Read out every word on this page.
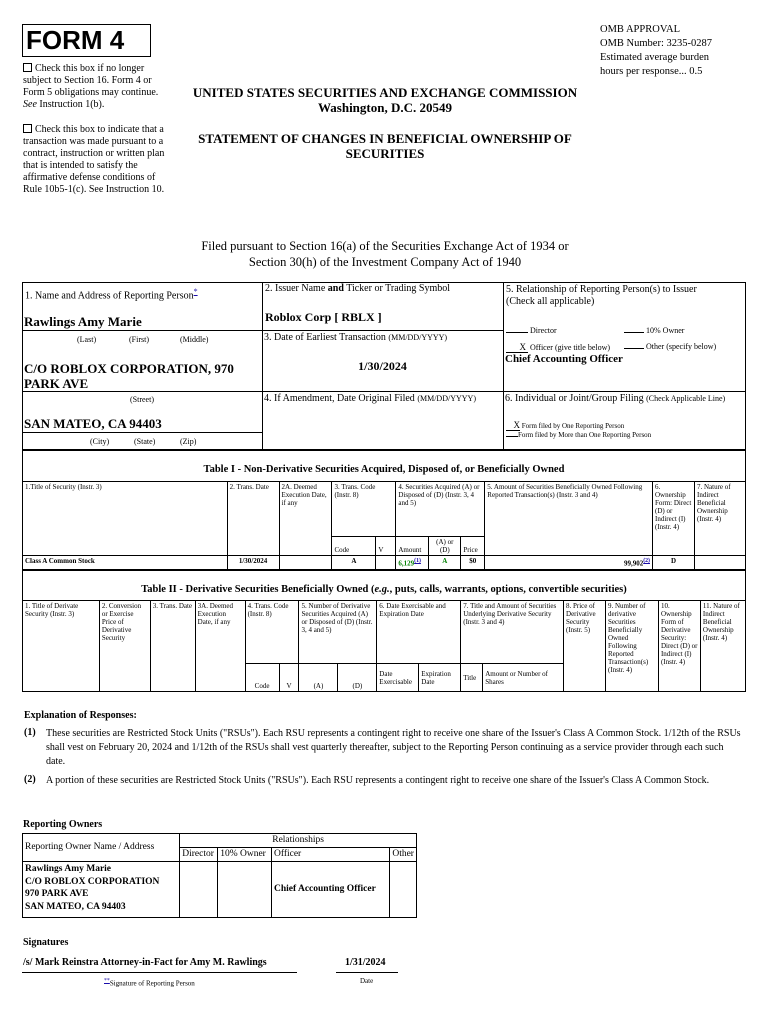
FORM 4
Check this box if no longer subject to Section 16. Form 4 or Form 5 obligations may continue. See Instruction 1(b).
Check this box to indicate that a transaction was made pursuant to a contract, instruction or written plan that is intended to satisfy the affirmative defense conditions of Rule 10b5-1(c). See Instruction 10.
UNITED STATES SECURITIES AND EXCHANGE COMMISSION
Washington, D.C. 20549
STATEMENT OF CHANGES IN BENEFICIAL OWNERSHIP OF SECURITIES
OMB APPROVAL
OMB Number: 3235-0287
Estimated average burden
hours per response... 0.5
Filed pursuant to Section 16(a) of the Securities Exchange Act of 1934 or
Section 30(h) of the Investment Company Act of 1940
1. Name and Address of Reporting Person*
Rawlings Amy Marie
(Last)	(First)	(Middle)
C/O ROBLOX CORPORATION, 970
PARK AVE
(Street)
SAN MATEO, CA 94403
(City)	(State)	(Zip)
2. Issuer Name and Ticker or Trading Symbol
Roblox Corp [ RBLX ]
3. Date of Earliest Transaction (MM/DD/YYYY)
1/30/2024
4. If Amendment, Date Original Filed (MM/DD/YYYY)
5. Relationship of Reporting Person(s) to Issuer
(Check all applicable)
Director	10% Owner
X Officer (give title below)	Other (specify below)
Chief Accounting Officer
6. Individual or Joint/Group Filing (Check Applicable Line)
X Form filed by One Reporting Person
Form filed by More than One Reporting Person
Table I - Non-Derivative Securities Acquired, Disposed of, or Beneficially Owned
1.Title of Security (Instr. 3)	2. Trans. Date	2A. Deemed Execution Date, if any	3. Trans. Code (Instr. 8)		4. Securities Acquired (A) or Disposed of (D) (Instr. 3, 4 and 5)			5. Amount of Securities Beneficially Owned Following Reported Transaction(s) (Instr. 3 and 4)	6. Ownership Form: Direct (D) or Indirect (I) (Instr. 4)	7. Nature of Indirect Beneficial Ownership (Instr. 4)
			Code	V	Amount	(A) or (D)	Price			
Class A Common Stock	1/30/2024		A		6,129$^{(1)}$	A	$0	99,902$^{(2)}$	D	
Table II - Derivative Securities Beneficially Owned (e.g., puts, calls, warrants, options, convertible securities)
1. Title of Derivate Security (Instr. 3)	2. Conversion or Exercise Price of Derivative Security	3. Trans. Date	3A. Deemed Execution Date, if any	4. Trans. Code (Instr. 8)		5. Number of Derivative Securities Acquired (A) or Disposed of (D) (Instr. 3, 4 and 5)		6. Date Exercisable and Expiration Date		7. Title and Amount of Securities Underlying Derivative Security (Instr. 3 and 4)		8. Price of Derivative Security (Instr. 5)	9. Number of derivative Securities Beneficially Owned Following Reported Transaction(s) (Instr. 4)	10. Ownership Form of Derivative Security: Direct (D) or Indirect (I) (Instr. 4)	11. Nature of Indirect Beneficial Ownership (Instr. 4)
				Code	V	(A)	(D)	Date Exercisable	Expiration Date	Title	Amount or Number of Shares				
Explanation of Responses:
(1) These securities are Restricted Stock Units ("RSUs"). Each RSU represents a contingent right to receive one share of the Issuer's Class A Common Stock. 1/12th of the RSUs shall vest on February 20, 2024 and 1/12th of the RSUs shall vest quarterly thereafter, subject to the Reporting Person continuing as a service provider through each such date.
(2) A portion of these securities are Restricted Stock Units ("RSUs"). Each RSU represents a contingent right to receive one share of the Issuer's Class A Common Stock.
Reporting Owners
Reporting Owner Name / Address	Relationships			
	Director	10% Owner	Officer	Other

Rawlings Amy Marie
C/O ROBLOX CORPORATION
970 PARK AVE
SAN MATEO, CA 94403			Chief Accounting Officer	
Signatures
/s/ Mark Reinstra Attorney-in-Fact for Amy M. Rawlings	1/31/2024
**Signature of Reporting Person	Date
